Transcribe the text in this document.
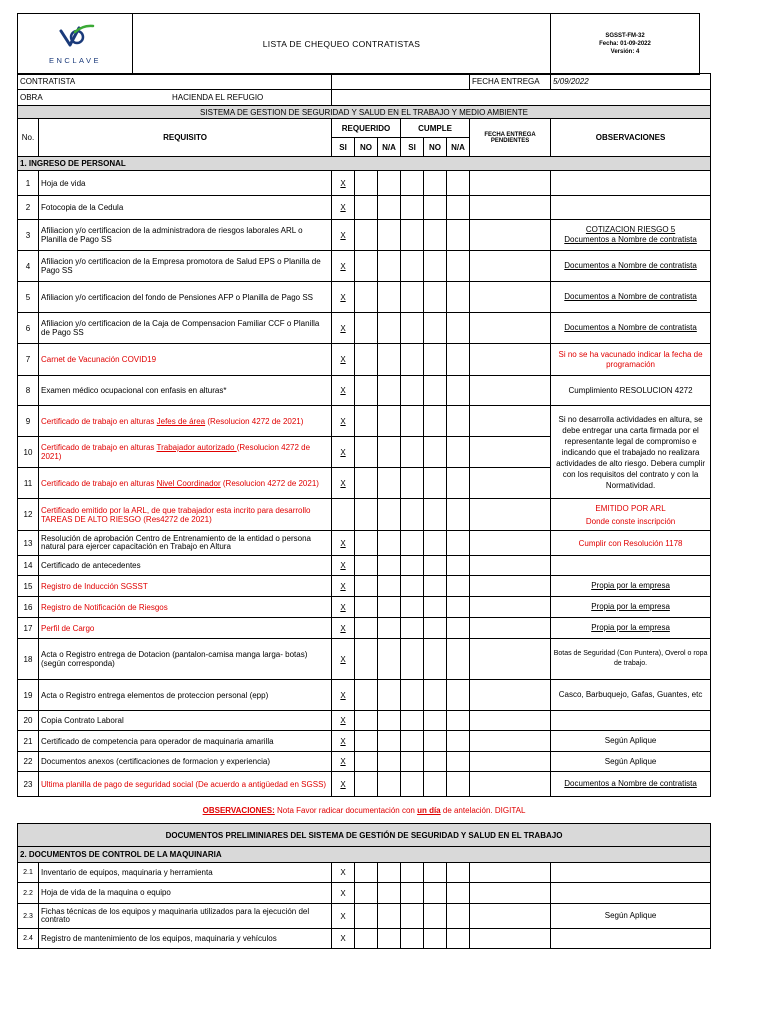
ENCLAVE
	LISTA DE CHEQUEO CONTRATISTAS	
SGSST-FM-32
Fecha: 01-09-2022
Versión: 4
CONTRATISTA								FECHA ENTREGA	5/09/2022
OBRA HACIENDA EL REFUGIO									
SISTEMA DE GESTION DE SEGURIDAD Y SALUD EN EL TRABAJO Y MEDIO AMBIENTE									
No.	REQUISITO	REQUERIDO			CUMPLE			FECHA ENTREGA PENDIENTES	OBSERVACIONES
		SI	NO	N/A	SI	NO	N/A		
1. INGRESO DE PERSONAL									
1	Hoja de vida	X							
2	Fotocopia de la Cedula	X							
3	Afiliacion y/o certificacion de la administradora de riesgos laborales ARL o Planilla de Pago SS	X							COTIZACION RIESGO 5
Documentos a Nombre de contratista

4	Afiliacion y/o certificacion de la Empresa promotora de Salud EPS o Planilla de Pago SS	X							Documentos a Nombre de contratista
5	Afiliacion y/o certificacion del fondo de Pensiones AFP o Planilla de Pago SS	X							Documentos a Nombre de contratista
6	Afiliacion y/o certificacion de la Caja de Compensacion Familiar CCF o Planilla de Pago SS	X							Documentos a Nombre de contratista
7	Carnet de Vacunación COVID19	X							Si no se ha vacunado indicar la fecha de programación
8	Examen médico ocupacional con enfasis en alturas*	X							Cumplimiento RESOLUCION 4272
9	Certificado de trabajo en alturas Jefes de área (Resolucion 4272 de 2021)	X							Si no desarrolla actividades en altura, se debe entregar una carta firmada por el representante legal de compromiso e indicando que el trabajado no realizara actividades de alto riesgo. Debera cumplir con los requisitos del contrato y con la Normatividad.
10	Certificado de trabajo en alturas Trabajador autorizado (Resolucion 4272 de 2021)	X							
11	Certificado de trabajo en alturas Nivel Coordinador (Resolucion 4272 de 2021)	X							
12	Certificado emitido por la ARL, de que trabajador esta incrito para desarrollo TAREAS DE ALTO RIESGO (Res4272 de 2021)								EMITIDO POR ARL
Donde conste inscripción

13	Resolución de aprobación Centro de Entrenamiento de la entidad o persona natural para ejercer capacitación en Trabajo en Altura	X							Cumplir con Resolución 1178
14	Certificado de antecedentes	X							
15	Registro de Inducción SGSST	X							Propia por la empresa
16	Registro de Notificación de Riesgos	X							Propia por la empresa
17	Perfil de Cargo	X							Propia por la empresa
18	Acta o Registro entrega de Dotacion (pantalon-camisa manga larga- botas) (según corresponda)	X							Botas de Seguridad (Con Puntera), Overol o ropa de trabajo.
19	Acta o Registro entrega elementos de proteccion personal (epp)	X							Casco, Barbuquejo, Gafas, Guantes, etc
20	Copia Contrato Laboral	X							
21	Certificado de competencia para operador de maquinaria amarilla	X							Según Aplique
22	Documentos anexos (certificaciones de formacion y experiencia)	X							Según Aplique
23	Ultima planilla de pago de seguridad social (De acuerdo a antigüedad en SGSS)	X							Documentos a Nombre de contratista
OBSERVACIONES: Nota Favor radicar documentación con un día de antelación. DIGITAL									
DOCUMENTOS PRELIMINIARES DEL SISTEMA DE GESTIÓN DE SEGURIDAD Y SALUD EN EL TRABAJO									
2. DOCUMENTOS DE CONTROL DE LA MAQUINARIA									
2.1	Inventario de equipos, maquinaria y herramienta	X							
2.2	Hoja de vida de la maquina o equipo	X							
2.3	Fichas técnicas de los equipos y maquinaria utilizados para la ejecución del contrato	X							Según Aplique
2.4	Registro de mantenimiento de los equipos, maquinaria y vehículos	X							
